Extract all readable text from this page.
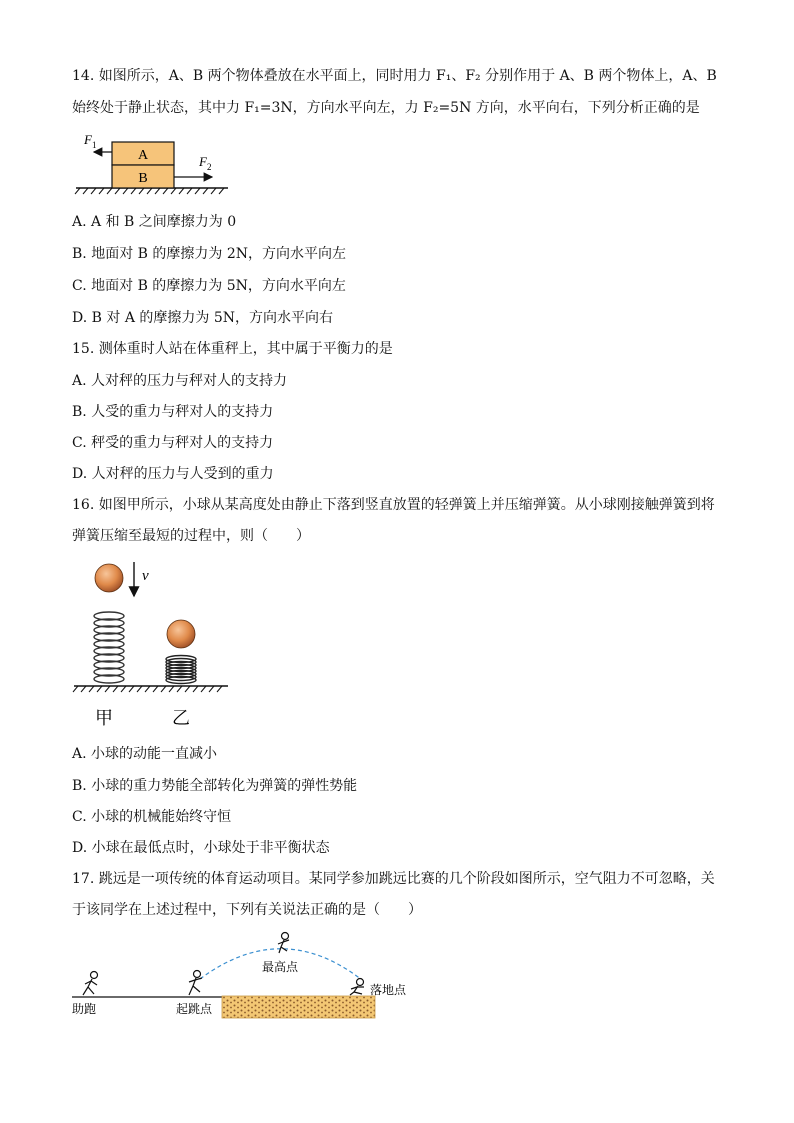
14. 如图所示，A、B 两个物体叠放在水平面上，同时用力 F₁、F₂ 分别作用于 A、B 两个物体上，A、B
始终处于静止状态，其中力 F₁=3N，方向水平向左，力 F₂=5N 方向，水平向右，下列分析正确的是
A
B
F 1
F 2
A. A 和 B 之间摩擦力为 0
B. 地面对 B 的摩擦力为 2N，方向水平向左
C. 地面对 B 的摩擦力为 5N，方向水平向左
D. B 对 A 的摩擦力为 5N，方向水平向右
15. 测体重时人站在体重秤上，其中属于平衡力的是
A. 人对秤的压力与秤对人的支持力
B. 人受的重力与秤对人的支持力
C. 秤受的重力与秤对人的支持力
D. 人对秤的压力与人受到的重力
16. 如图甲所示，小球从某高度处由静止下落到竖直放置的轻弹簧上并压缩弹簧。从小球刚接触弹簧到将
弹簧压缩至最短的过程中，则（　　）
v
甲	乙
A. 小球的动能一直减小
B. 小球的重力势能全部转化为弹簧的弹性势能
C. 小球的机械能始终守恒
D. 小球在最低点时，小球处于非平衡状态
17. 跳远是一项传统的体育运动项目。某同学参加跳远比赛的几个阶段如图所示，空气阻力不可忽略，关
于该同学在上述过程中，下列有关说法正确的是（　　）
助跑	起跳点
最高点
落地点
